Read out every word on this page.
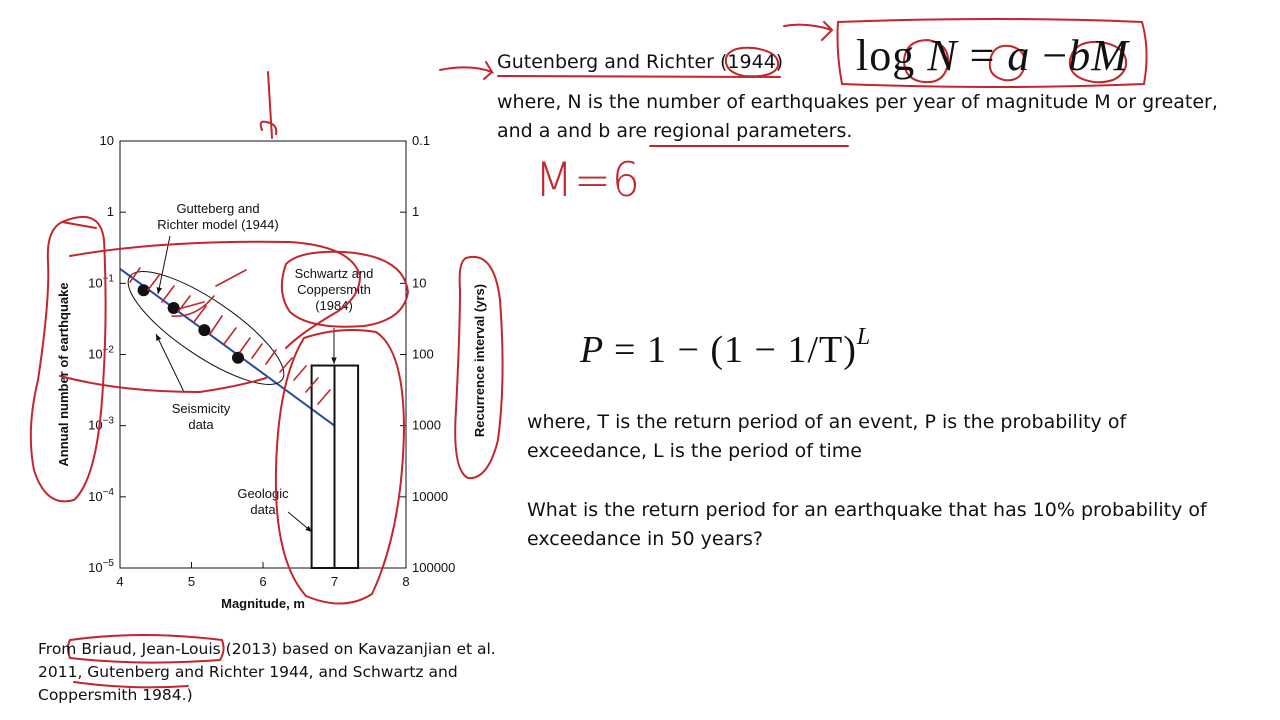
4	5	6	7	8
10	0.1
1	1
$10^{-1}$	10
$10^{-2}$	100
$10^{-3}$	1000
$10^{-4}$	10000
$10^{-5}$	100000
Magnitude, m
Annual number of earthquake	Recurrence interval (yrs)
Gutteberg and
Richter model (1944)
Schwartz and
Coppersmith
(1984)
Seismicity
data
Geologic
data
Gutenberg and Richter (1944) log N = a −bM
where, N is the number of earthquakes per year of magnitude M or greater, and a and b are regional parameters.
M=6
$P = 1 - (1 - 1/T)^L$
where, T is the return period of an event, P is the probability of exceedance, L is the period of time
What is the return period for an earthquake that has 10% probability of exceedance in 50 years?
From Briaud, Jean-Louis (2013) based on Kavazanjian et al. 2011, Gutenberg and Richter 1944, and Schwartz and Coppersmith 1984.)
